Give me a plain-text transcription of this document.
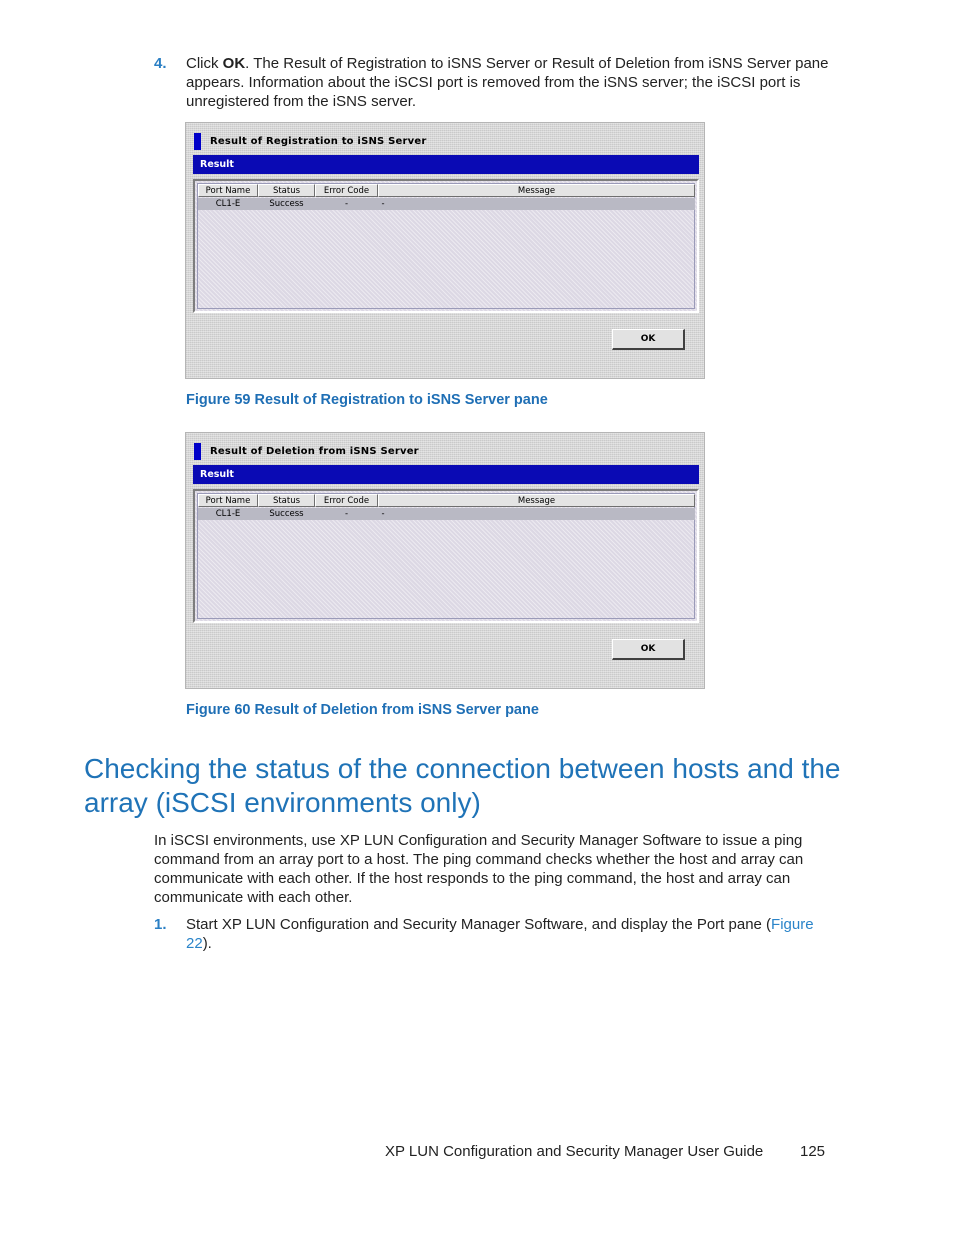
4. Click OK. The Result of Registration to iSNS Server or Result of Deletion from iSNS Server pane appears. Information about the iSCSI port is removed from the iSNS server; the iSCSI port is unregistered from the iSNS server.
Result of Registration to iSNS Server
Result
Port Name	Status	Error Code	Message
CL1-E	Success	-	-
OK
Figure 59 Result of Registration to iSNS Server pane
Result of Deletion from iSNS Server
Result
Port Name	Status	Error Code	Message
CL1-E	Success	-	-
OK
Figure 60 Result of Deletion from iSNS Server pane
Checking the status of the connection between hosts and the array (iSCSI environments only)
In iSCSI environments, use XP LUN Configuration and Security Manager Software to issue a ping command from an array port to a host. The ping command checks whether the host and array can communicate with each other. If the host responds to the ping command, the host and array can communicate with each other.
1. Start XP LUN Configuration and Security Manager Software, and display the Port pane (Figure 22).
XP LUN Configuration and Security Manager User Guide 125
